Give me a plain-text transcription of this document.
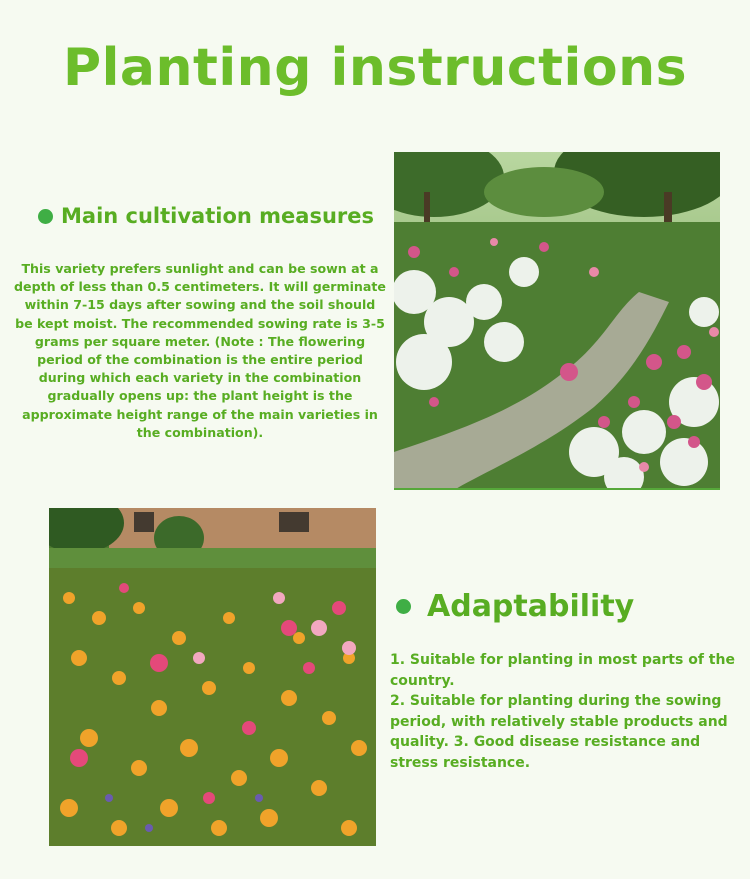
Planting instructions
Main cultivation measures

This variety prefers sunlight and can be sown at a depth of less than 0.5 centimeters. It will germinate within 7-15 days after sowing and the soil should be kept moist. The recommended sowing rate is 3-5 grams per square meter. (Note : The flowering period of the combination is the entire period during which each variety in the combination gradually opens up: the plant height is the approximate height range of the main varieties in the combination).

Adaptability
1. Suitable for planting in most parts of the country.
2. Suitable for planting during the sowing period, with relatively stable products and quality. 3. Good disease resistance and stress resistance.
